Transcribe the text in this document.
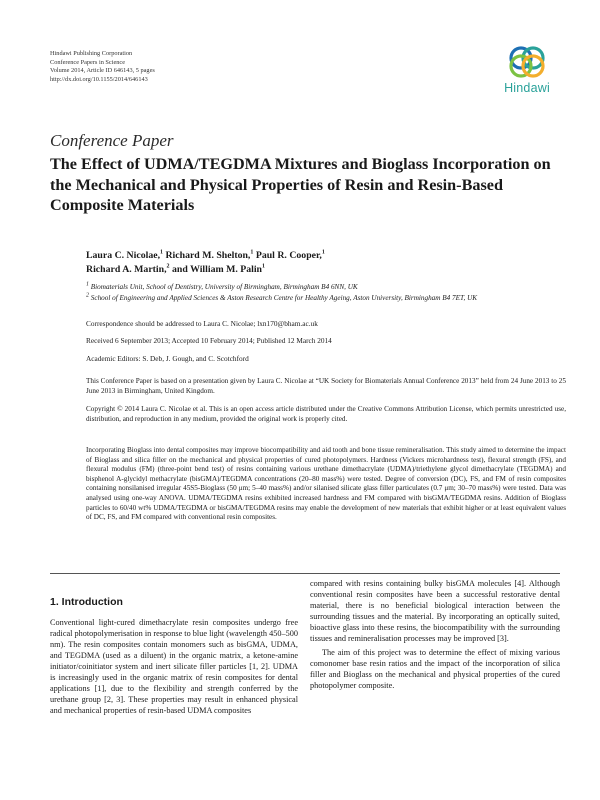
Hindawi Publishing Corporation
Conference Papers in Science
Volume 2014, Article ID 646143, 5 pages
http://dx.doi.org/10.1155/2014/646143
Hindawi
Conference Paper
The Effect of UDMA/TEGDMA Mixtures and Bioglass Incorporation on the Mechanical and Physical Properties of Resin and Resin-Based Composite Materials
Laura C. Nicolae,$^1$ Richard M. Shelton,$^1$ Paul R. Cooper,$^1$
Richard A. Martin,$^2$ and William M. Palin$^1$
$^1$ Biomaterials Unit, School of Dentistry, University of Birmingham, Birmingham B4 6NN, UK
$^2$ School of Engineering and Applied Sciences & Aston Research Centre for Healthy Ageing, Aston University, Birmingham B4 7ET, UK
Correspondence should be addressed to Laura C. Nicolae; lxn170@bham.ac.uk
Received 6 September 2013; Accepted 10 February 2014; Published 12 March 2014
Academic Editors: S. Deb, J. Gough, and C. Scotchford
This Conference Paper is based on a presentation given by Laura C. Nicolae at “UK Society for Biomaterials Annual Conference 2013” held from 24 June 2013 to 25 June 2013 in Birmingham, United Kingdom.
Copyright © 2014 Laura C. Nicolae et al. This is an open access article distributed under the Creative Commons Attribution License, which permits unrestricted use, distribution, and reproduction in any medium, provided the original work is properly cited.
Incorporating Bioglass into dental composites may improve biocompatibility and aid tooth and bone tissue remineralisation. This study aimed to determine the impact of Bioglass and silica filler on the mechanical and physical properties of cured photopolymers. Hardness (Vickers microhardness test), flexural strength (FS), and flexural modulus (FM) (three-point bend test) of resins containing various urethane dimethacrylate (UDMA)/triethylene glycol dimethacrylate (TEGDMA) and bisphenol A-glycidyl methacrylate (bisGMA)/TEGDMA concentrations (20–80 mass%) were tested. Degree of conversion (DC), FS, and FM of resin composites containing nonsilanised irregular 45S5-Bioglass (50 μm; 5–40 mass%) and/or silanised silicate glass filler particulates (0.7 μm; 30–70 mass%) were tested. Data was analysed using one-way ANOVA. UDMA/TEGDMA resins exhibited increased hardness and FM compared with bisGMA/TEGDMA resins. Addition of Bioglass particles to 60/40 wt% UDMA/TEGDMA or bisGMA/TEGDMA resins may enable the development of new materials that exhibit higher or at least equivalent values of DC, FS, and FM compared with conventional resin composites.
1. Introduction

Conventional light-cured dimethacrylate resin composites undergo free radical photopolymerisation in response to blue light (wavelength 450–500 nm). The resin composites contain monomers such as bisGMA, UDMA, and TEGDMA (used as a diluent) in the organic matrix, a ketone-amine initiator/coinitiator system and inert silicate filler particles [1, 2]. UDMA is increasingly used in the organic matrix of resin composites for dental applications [1], due to the flexibility and strength conferred by the urethane group [2, 3]. These properties may result in enhanced physical and mechanical properties of resin-based UDMA composites

compared with resins containing bulky bisGMA molecules [4]. Although conventional resin composites have been a successful restorative dental material, there is no beneficial biological interaction between the surrounding tissues and the material. By incorporating an optically suited, bioactive glass into these resins, the biocompatibility with the surrounding tissues and remineralisation processes may be improved [3].

The aim of this project was to determine the effect of mixing various comonomer base resin ratios and the impact of the incorporation of silica filler and Bioglass on the mechanical and physical properties of the cured photopolymer composite.
